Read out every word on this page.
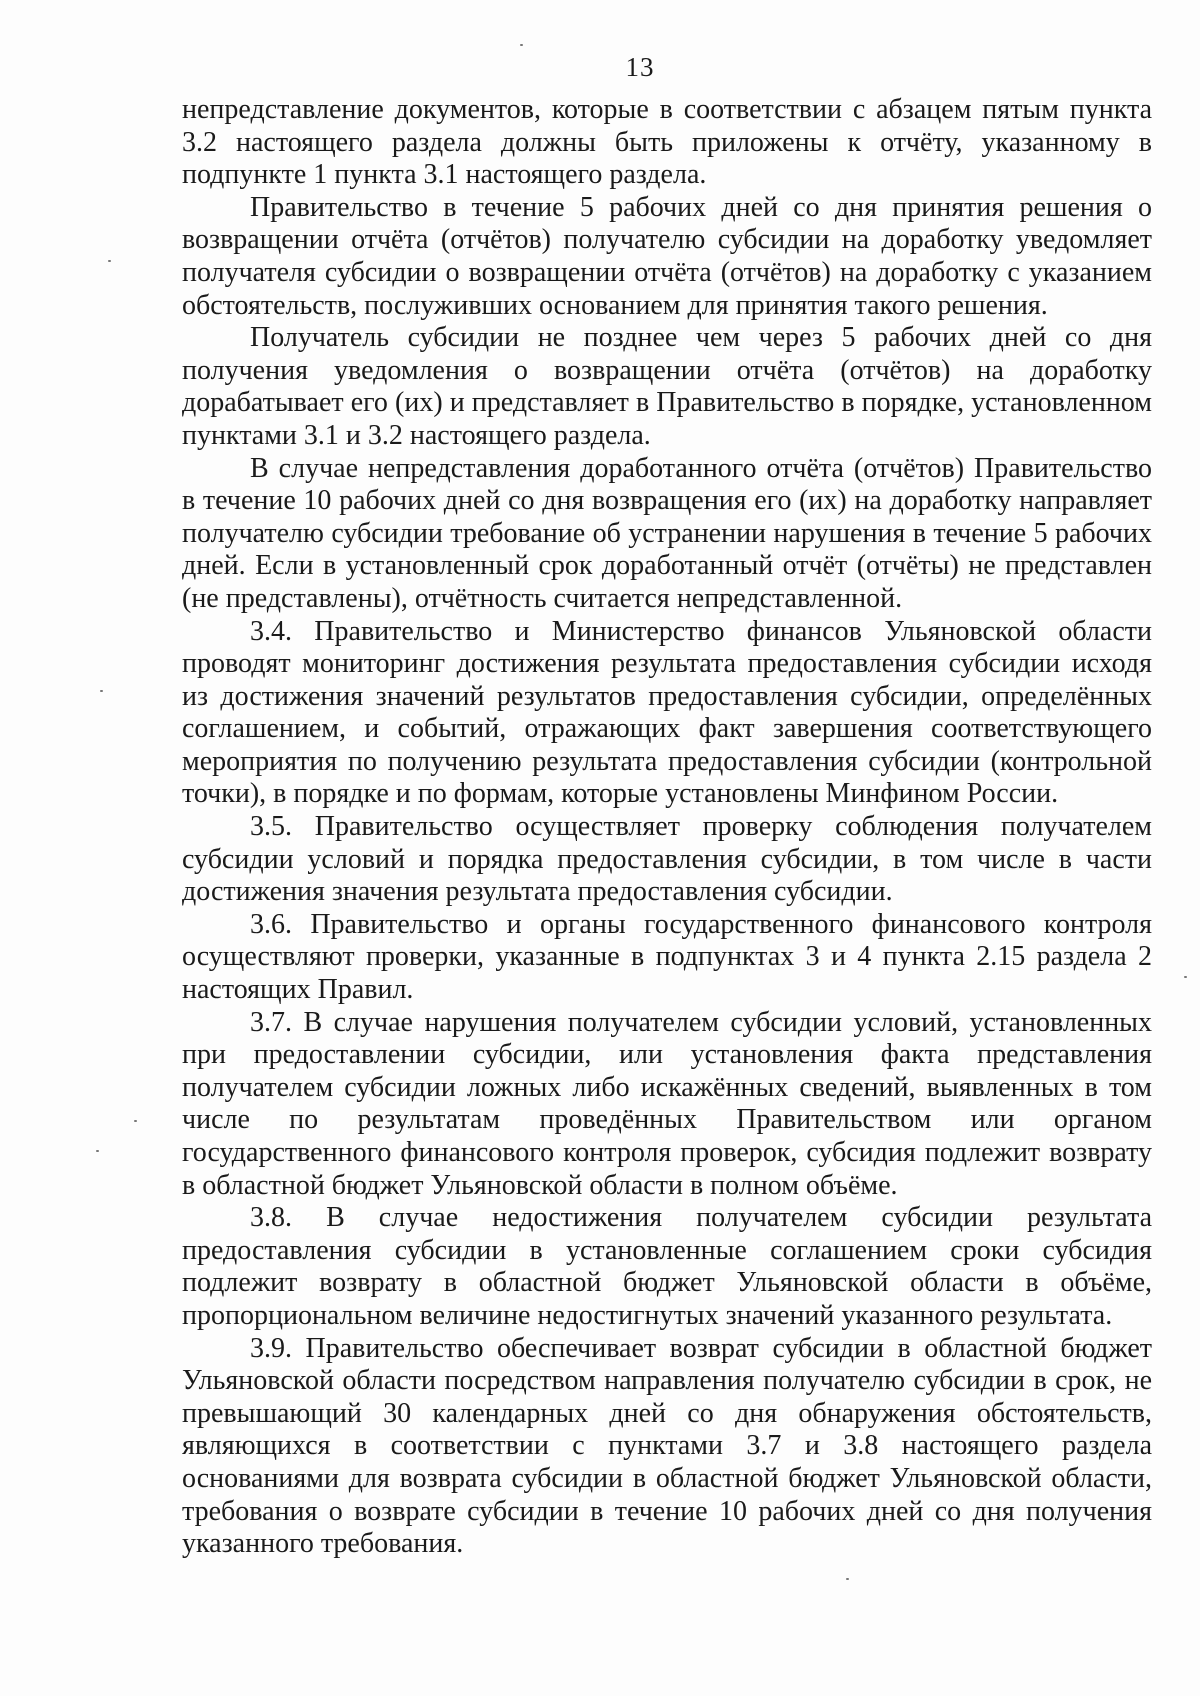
13

непредставление документов, которые в соответствии с абзацем пятым пункта 3.2 настоящего раздела должны быть приложены к отчёту, указанному в подпункте 1 пункта 3.1 настоящего раздела.

Правительство в течение 5 рабочих дней со дня принятия решения о возвращении отчёта (отчётов) получателю субсидии на доработку уведомляет получателя субсидии о возвращении отчёта (отчётов) на доработку с указанием обстоятельств, послуживших основанием для принятия такого решения.

Получатель субсидии не позднее чем через 5 рабочих дней со дня получения уведомления о возвращении отчёта (отчётов) на доработку дорабатывает его (их) и представляет в Правительство в порядке, установленном пунктами 3.1 и 3.2 настоящего раздела.

В случае непредставления доработанного отчёта (отчётов) Правительство в течение 10 рабочих дней со дня возвращения его (их) на доработку направляет получателю субсидии требование об устранении нарушения в течение 5 рабочих дней. Если в установленный срок доработанный отчёт (отчёты) не представлен (не представлены), отчётность считается непредставленной.

3.4. Правительство и Министерство финансов Ульяновской области проводят мониторинг достижения результата предоставления субсидии исходя из достижения значений результатов предоставления субсидии, определённых соглашением, и событий, отражающих факт завершения соответствующего мероприятия по получению результата предоставления субсидии (контрольной точки), в порядке и по формам, которые установлены Минфином России.

3.5. Правительство осуществляет проверку соблюдения получателем субсидии условий и порядка предоставления субсидии, в том числе в части достижения значения результата предоставления субсидии.

3.6. Правительство и органы государственного финансового контроля осуществляют проверки, указанные в подпунктах 3 и 4 пункта 2.15 раздела 2 настоящих Правил.

3.7. В случае нарушения получателем субсидии условий, установленных при предоставлении субсидии, или установления факта представления получателем субсидии ложных либо искажённых сведений, выявленных в том числе по результатам проведённых Правительством или органом государственного финансового контроля проверок, субсидия подлежит возврату в областной бюджет Ульяновской области в полном объёме.

3.8. В случае недостижения получателем субсидии результата предоставления субсидии в установленные соглашением сроки субсидия подлежит возврату в областной бюджет Ульяновской области в объёме, пропорциональном величине недостигнутых значений указанного результата.

3.9. Правительство обеспечивает возврат субсидии в областной бюджет Ульяновской области посредством направления получателю субсидии в срок, не превышающий 30 календарных дней со дня обнаружения обстоятельств, являющихся в соответствии с пунктами 3.7 и 3.8 настоящего раздела основаниями для возврата субсидии в областной бюджет Ульяновской области, требования о возврате субсидии в течение 10 рабочих дней со дня получения указанного требования.
